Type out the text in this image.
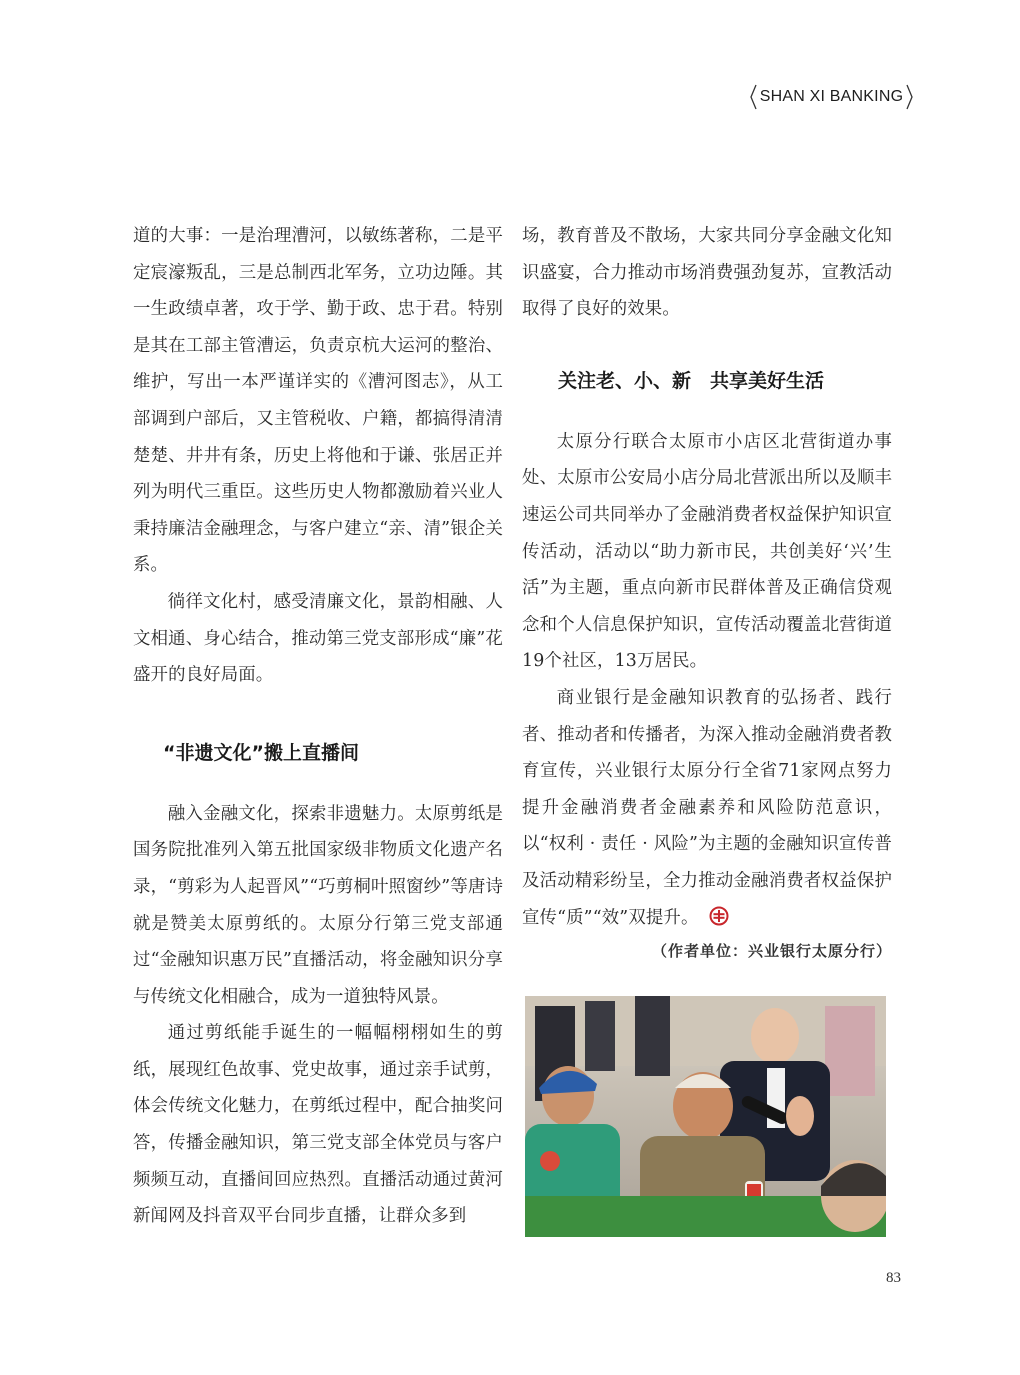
SHAN XI BANKING

道的大事：一是治理漕河，以敏练著称，二是平定宸濠叛乱，三是总制西北军务，立功边陲。其一生政绩卓著，攻于学、勤于政、忠于君。特别是其在工部主管漕运，负责京杭大运河的整治、维护，写出一本严谨详实的《漕河图志》，从工部调到户部后，又主管税收、户籍，都搞得清清楚楚、井井有条，历史上将他和于谦、张居正并列为明代三重臣。这些历史人物都激励着兴业人秉持廉洁金融理念，与客户建立“亲、清”银企关系。

徜徉文化村，感受清廉文化，景韵相融、人文相通、身心结合，推动第三党支部形成“廉”花盛开的良好局面。

“非遗文化”搬上直播间

融入金融文化，探索非遗魅力。太原剪纸是国务院批准列入第五批国家级非物质文化遗产名录，“剪彩为人起晋风”“巧剪桐叶照窗纱”等唐诗就是赞美太原剪纸的。太原分行第三党支部通过“金融知识惠万民”直播活动，将金融知识分享与传统文化相融合，成为一道独特风景。

通过剪纸能手诞生的一幅幅栩栩如生的剪纸，展现红色故事、党史故事，通过亲手试剪，体会传统文化魅力，在剪纸过程中，配合抽奖问答，传播金融知识，第三党支部全体党员与客户频频互动，直播间回应热烈。直播活动通过黄河新闻网及抖音双平台同步直播，让群众多到

场，教育普及不散场，大家共同分享金融文化知识盛宴，合力推动市场消费强劲复苏，宣教活动取得了良好的效果。

关注老、小、新　共享美好生活

太原分行联合太原市小店区北营街道办事处、太原市公安局小店分局北营派出所以及顺丰速运公司共同举办了金融消费者权益保护知识宣传活动，活动以“助力新市民，共创美好‘兴’生活”为主题，重点向新市民群体普及正确信贷观念和个人信息保护知识，宣传活动覆盖北营街道19个社区，13万居民。

商业银行是金融知识教育的弘扬者、践行者、推动者和传播者，为深入推动金融消费者教育宣传，兴业银行太原分行全省71家网点努力提升金融消费者金融素养和风险防范意识，以“权利 · 责任 · 风险”为主题的金融知识宣传普及活动精彩纷呈，全力推动金融消费者权益保护宣传“质”“效”双提升。

（作者单位：兴业银行太原分行）
83
